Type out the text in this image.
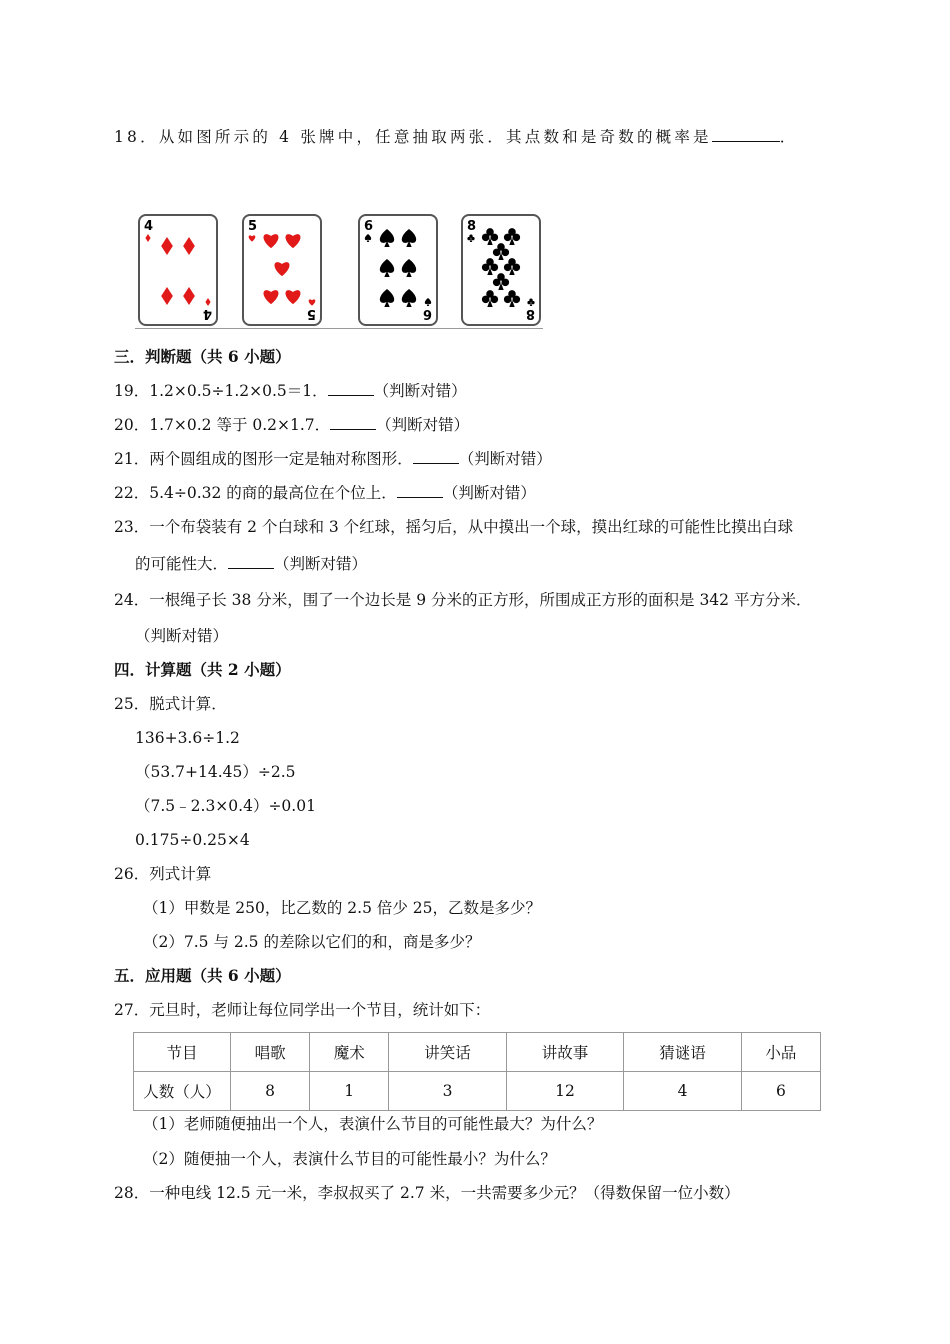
18．从如图所示的 4 张牌中，任意抽取两张．其点数和是奇数的概率是	．
4
4
5
5
6
6
8
8
三．判断题（共 6 小题）
19．1.2×0.5÷1.2×0.5＝1．	（判断对错）
20．1.7×0.2 等于 0.2×1.7．	（判断对错）
21．两个圆组成的图形一定是轴对称图形．	（判断对错）
22．5.4÷0.32 的商的最高位在个位上．	（判断对错）
23．一个布袋装有 2 个白球和 3 个红球，摇匀后，从中摸出一个球，摸出红球的可能性比摸出白球
的可能性大．	（判断对错）
24．一根绳子长 38 分米，围了一个边长是 9 分米的正方形，所围成正方形的面积是 342 平方分米．
（判断对错）
四．计算题（共 2 小题）
25．脱式计算．
136+3.6÷1.2
（53.7+14.45）÷2.5
（7.5﹣2.3×0.4）÷0.01
0.175÷0.25×4
26．列式计算
（1）甲数是 250，比乙数的 2.5 倍少 25，乙数是多少？
（2）7.5 与 2.5 的差除以它们的和，商是多少？
五．应用题（共 6 小题）
27．元旦时，老师让每位同学出一个节目，统计如下：
节目	唱歌	魔术	讲笑话	讲故事	猜谜语	小品
人数（人）	8	1	3	12	4	6
（1）老师随便抽出一个人，表演什么节目的可能性最大？为什么？
（2）随便抽一个人，表演什么节目的可能性最小？为什么？
28．一种电线 12.5 元一米，李叔叔买了 2.7 米，一共需要多少元？（得数保留一位小数）
